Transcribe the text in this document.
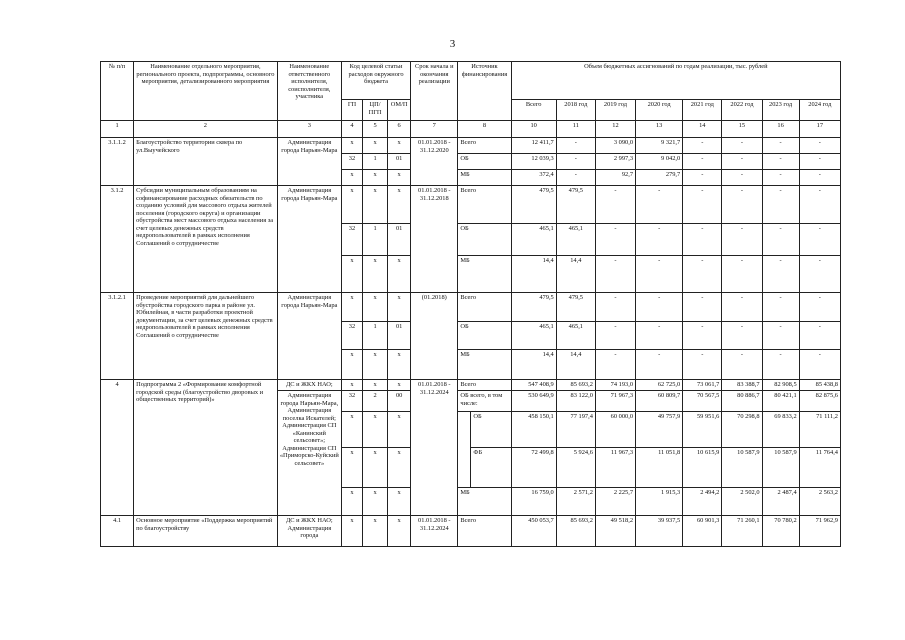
3
№ п/п	Наименование отдельного мероприятия, регионального проекта, подпрограммы, основного мероприятия, детализированного мероприятия	Наименование ответственного исполнителя, соисполнителя, участника	Код целевой статьи расходов окружного бюджета			Срок начала и окончания реализации	Источник финансирования		Объем бюджетных ассигнований по годам реализации, тыс. рублей							
			ГП	ЦП/ПГП	ОМ/П				Всего	2018 год	2019 год	2020 год	2021 год	2022 год	2023 год	2024 год
1	2	3	4	5	6	7	8		10	11	12	13	14	15	16	17
3.1.1.2	Благоустройство территории сквера по ул.Выучейского	Администрация города Нарьян-Мара	х	х	х	01.01.2018 - 31.12.2020	Всего		12 411,7	-	3 090,0	9 321,7	-	-	-	-
			32	1	01		ОБ		12 039,3	-	2 997,3	9 042,0	-	-	-	-
			х	х	х		МБ		372,4	-	92,7	279,7	-	-	-	-
3.1.2	Субсидии муниципальным образованиям на софинансирование расходных обязательств по созданию условий для массового отдыха жителей поселения (городского округа) и организации обустройства мест массового отдыха населения за счет целевых денежных средств недропользователей в рамках исполнения Соглашений о сотрудничестве	Администрация города Нарьян-Мара	х	х	х	01.01.2018 - 31.12.2018	Всего		479,5	479,5	-	-	-	-	-	-
			32	1	01		ОБ		465,1	465,1	-	-	-	-	-	-
			х	х	х		МБ		14,4	14,4	-	-	-	-	-	-
3.1.2.1	Проведение мероприятий для дальнейшего обустройства городского парка в районе ул. Юбилейная, в части разработки проектной документации, за счет целевых денежных средств недропользователей в рамках исполнения Соглашений о сотрудничестве	Администрация города Нарьян-Мара	х	х	х	(01.2018)	Всего		479,5	479,5	-	-	-	-	-	-
			32	1	01		ОБ		465,1	465,1	-	-	-	-	-	-
			х	х	х		МБ		14,4	14,4	-	-	-	-	-	-
4	Подпрограмма 2 «Формирование комфортной городской среды (благоустройство дворовых и общественных территорий)»	ДС и ЖКХ НАО;	х	х	х	01.01.2018 - 31.12.2024	Всего		547 408,9	85 693,2	74 193,0	62 725,0	73 061,7	83 388,7	82 908,5	85 438,8
		Администрация города Нарьян-Мара, Администрация поселка Искателей; Администрация СП «Канинский сельсовет»; Администрация СП «Приморско-Куйский сельсовет»	32	2	00		ОБ всего, в том числе:		530 649,9	83 122,0	71 967,3	60 809,7	70 567,5	80 886,7	80 421,1	82 875,6
			х	х	х			ОБ	458 150,1	77 197,4	60 000,0	49 757,9	59 951,6	70 298,8	69 833,2	71 111,2
			х	х	х			ФБ	72 499,8	5 924,6	11 967,3	11 051,8	10 615,9	10 587,9	10 587,9	11 764,4
			х	х	х		МБ		16 759,0	2 571,2	2 225,7	1 915,3	2 494,2	2 502,0	2 487,4	2 563,2
4.1	Основное мероприятие «Поддержка мероприятий по благоустройству	ДС и ЖКХ НАО; Администрация города	х	х	х	01.01.2018 - 31.12.2024	Всего		450 053,7	85 693,2	49 518,2	39 937,5	60 901,3	71 260,1	70 780,2	71 962,9
